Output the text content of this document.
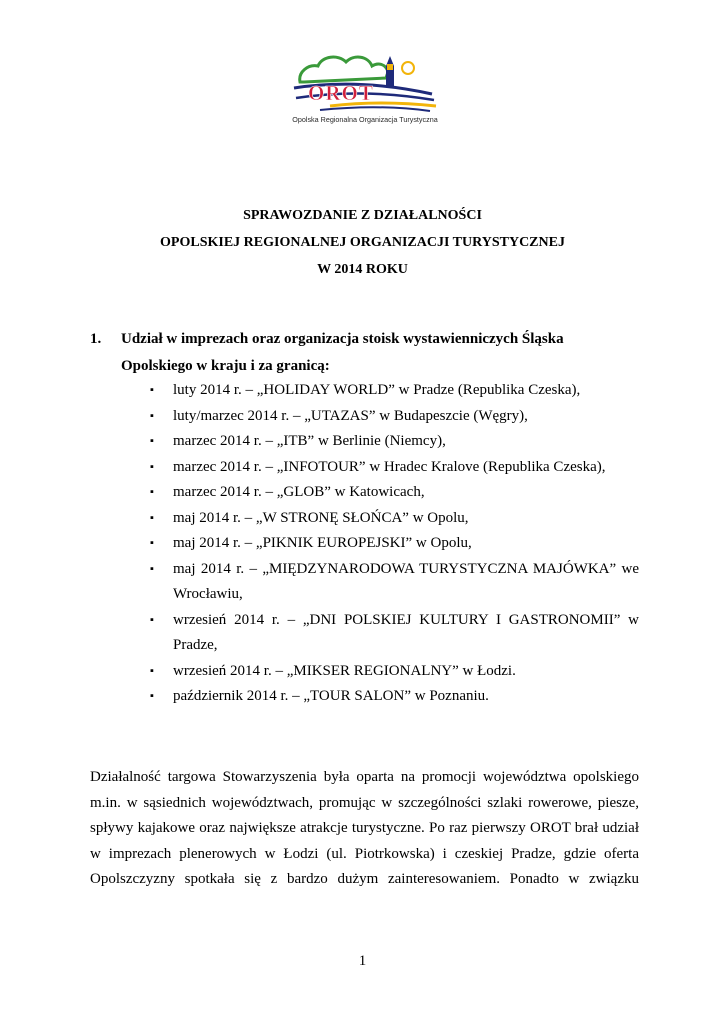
OROT
Opolska Regionalna Organizacja Turystyczna
SPRAWOZDANIE Z DZIAŁALNOŚCI
OPOLSKIEJ REGIONALNEJ ORGANIZACJI TURYSTYCZNEJ
W 2014 ROKU
1.	Udział w imprezach oraz organizacja stoisk wystawienniczych Śląska
Opolskiego w kraju i za granicą:
▪ luty 2014 r. – „HOLIDAY WORLD” w Pradze (Republika Czeska),
▪ luty/marzec 2014 r. – „UTAZAS” w Budapeszcie (Węgry),
▪ marzec 2014 r. – „ITB” w Berlinie (Niemcy),
▪ marzec 2014 r. – „INFOTOUR” w Hradec Kralove (Republika Czeska),
▪ marzec 2014 r. – „GLOB” w Katowicach,
▪ maj 2014 r. – „W STRONĘ SŁOŃCA” w Opolu,
▪ maj 2014 r. – „PIKNIK EUROPEJSKI” w Opolu,
▪ maj 2014 r. – „MIĘDZYNARODOWA TURYSTYCZNA MAJÓWKA” we Wrocławiu,
▪ wrzesień 2014 r. – „DNI POLSKIEJ KULTURY I GASTRONOMII” w Pradze,
▪ wrzesień 2014 r. – „MIKSER REGIONALNY” w Łodzi.
▪ październik 2014 r. – „TOUR SALON” w Poznaniu.

Działalność targowa Stowarzyszenia była oparta na promocji województwa opolskiego m.in. w sąsiednich województwach, promując w szczególności szlaki rowerowe, piesze, spływy kajakowe oraz największe atrakcje turystyczne. Po raz pierwszy OROT brał udział w imprezach plenerowych w Łodzi (ul. Piotrkowska) i czeskiej Pradze, gdzie oferta Opolszczyzny spotkała się z bardzo dużym zainteresowaniem. Ponadto w związku

1
